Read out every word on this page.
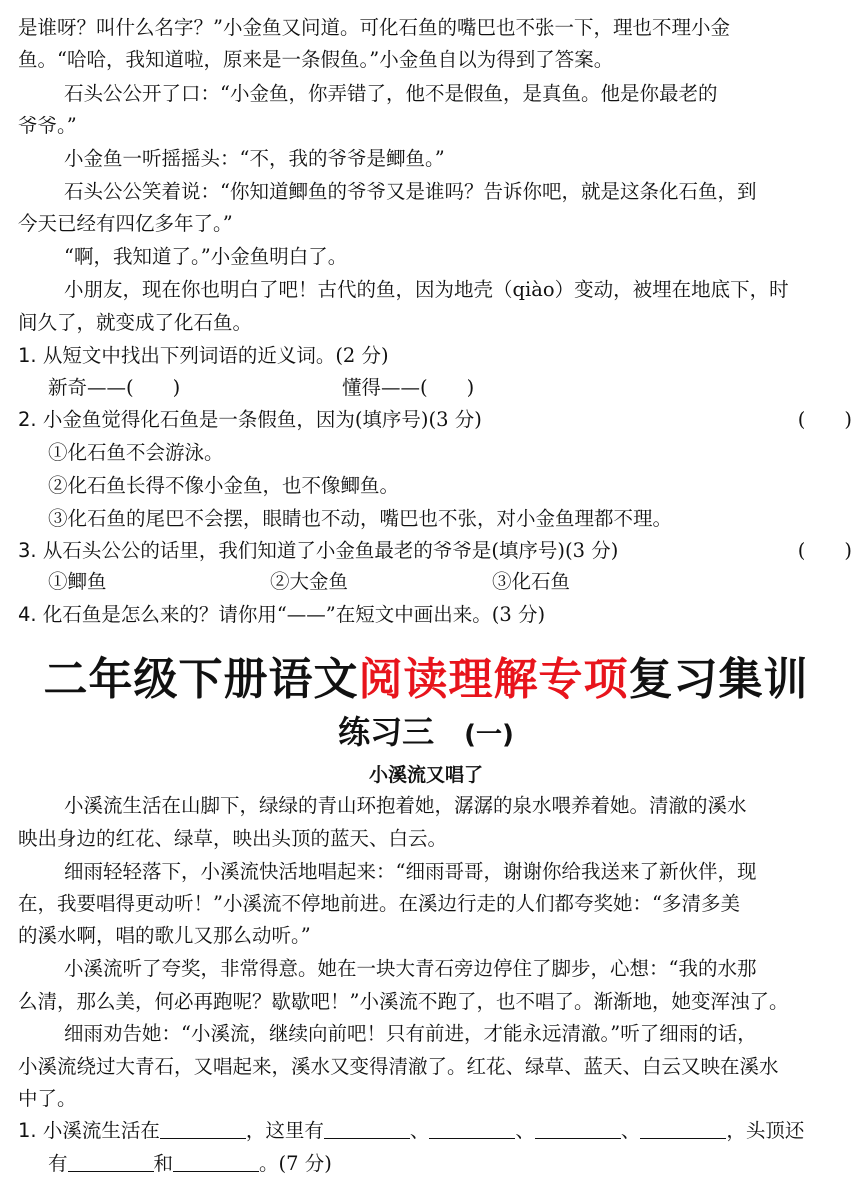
是谁呀？叫什么名字？”小金鱼又问道。可化石鱼的嘴巴也不张一下，理也不理小金
鱼。“哈哈，我知道啦，原来是一条假鱼。”小金鱼自以为得到了答案。
石头公公开了口：“小金鱼，你弄错了，他不是假鱼，是真鱼。他是你最老的
爷爷。”
小金鱼一听摇摇头：“不，我的爷爷是鲫鱼。”
石头公公笑着说：“你知道鲫鱼的爷爷又是谁吗？告诉你吧，就是这条化石鱼，到
今天已经有四亿多年了。”
“啊，我知道了。”小金鱼明白了。
小朋友，现在你也明白了吧！古代的鱼，因为地壳（qiào）变动，被埋在地底下，时
间久了，就变成了化石鱼。
1. 从短文中找出下列词语的近义词。(2 分)
新奇——(　　)	懂得——(　　)
2. 小金鱼觉得化石鱼是一条假鱼，因为(填序号)(3 分)	(　　)
①化石鱼不会游泳。
②化石鱼长得不像小金鱼，也不像鲫鱼。
③化石鱼的尾巴不会摆，眼睛也不动，嘴巴也不张，对小金鱼理都不理。
3. 从石头公公的话里，我们知道了小金鱼最老的爷爷是(填序号)(3 分)	(　　)
①鲫鱼	②大金鱼	③化石鱼
4. 化石鱼是怎么来的？请你用“——”在短文中画出来。(3 分)
二年级下册语文阅读理解专项复习集训
练习三 (一)
小溪流又唱了
小溪流生活在山脚下，绿绿的青山环抱着她，潺潺的泉水喂养着她。清澈的溪水
映出身边的红花、绿草，映出头顶的蓝天、白云。
细雨轻轻落下，小溪流快活地唱起来：“细雨哥哥，谢谢你给我送来了新伙伴，现
在，我要唱得更动听！”小溪流不停地前进。在溪边行走的人们都夸奖她：“多清多美
的溪水啊，唱的歌儿又那么动听。”
小溪流听了夸奖，非常得意。她在一块大青石旁边停住了脚步，心想：“我的水那
么清，那么美，何必再跑呢？歇歇吧！”小溪流不跑了，也不唱了。渐渐地，她变浑浊了。
细雨劝告她：“小溪流，继续向前吧！只有前进，才能永远清澈。”听了细雨的话，
小溪流绕过大青石，又唱起来，溪水又变得清澈了。红花、绿草、蓝天、白云又映在溪水
中了。
1. 小溪流生活在	，这里有	、	、	、	，头顶还
有	和	。(7 分)
